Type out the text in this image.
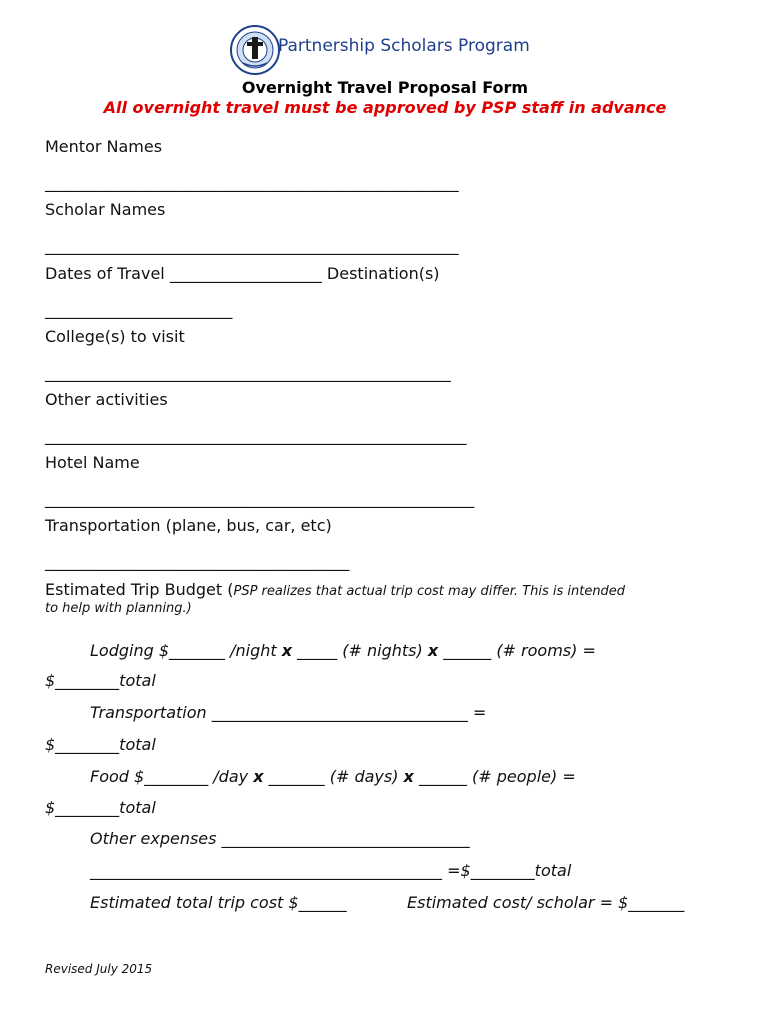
Partnership Scholars Program
Overnight Travel Proposal Form
All overnight travel must be approved by PSP staff in advance
Mentor Names
_____________________________________________________
Scholar Names
_____________________________________________________
Dates of Travel ___________________ Destination(s)
________________________
College(s) to visit
____________________________________________________
Other activities
______________________________________________________
Hotel Name
_______________________________________________________
Transportation (plane, bus, car, etc)
_______________________________________
Estimated Trip Budget (PSP realizes that actual trip cost may differ. This is intended
to help with planning.)
Lodging $_______ /night x _____ (# nights) x ______ (# rooms) =
$________total
Transportation ________________________________ =
$________total
Food $________ /day x _______ (# days) x ______ (# people) =
$________total
Other expenses _______________________________
____________________________________________ =$________total
Estimated total trip cost $______	Estimated cost/ scholar = $_______
Revised July 2015
